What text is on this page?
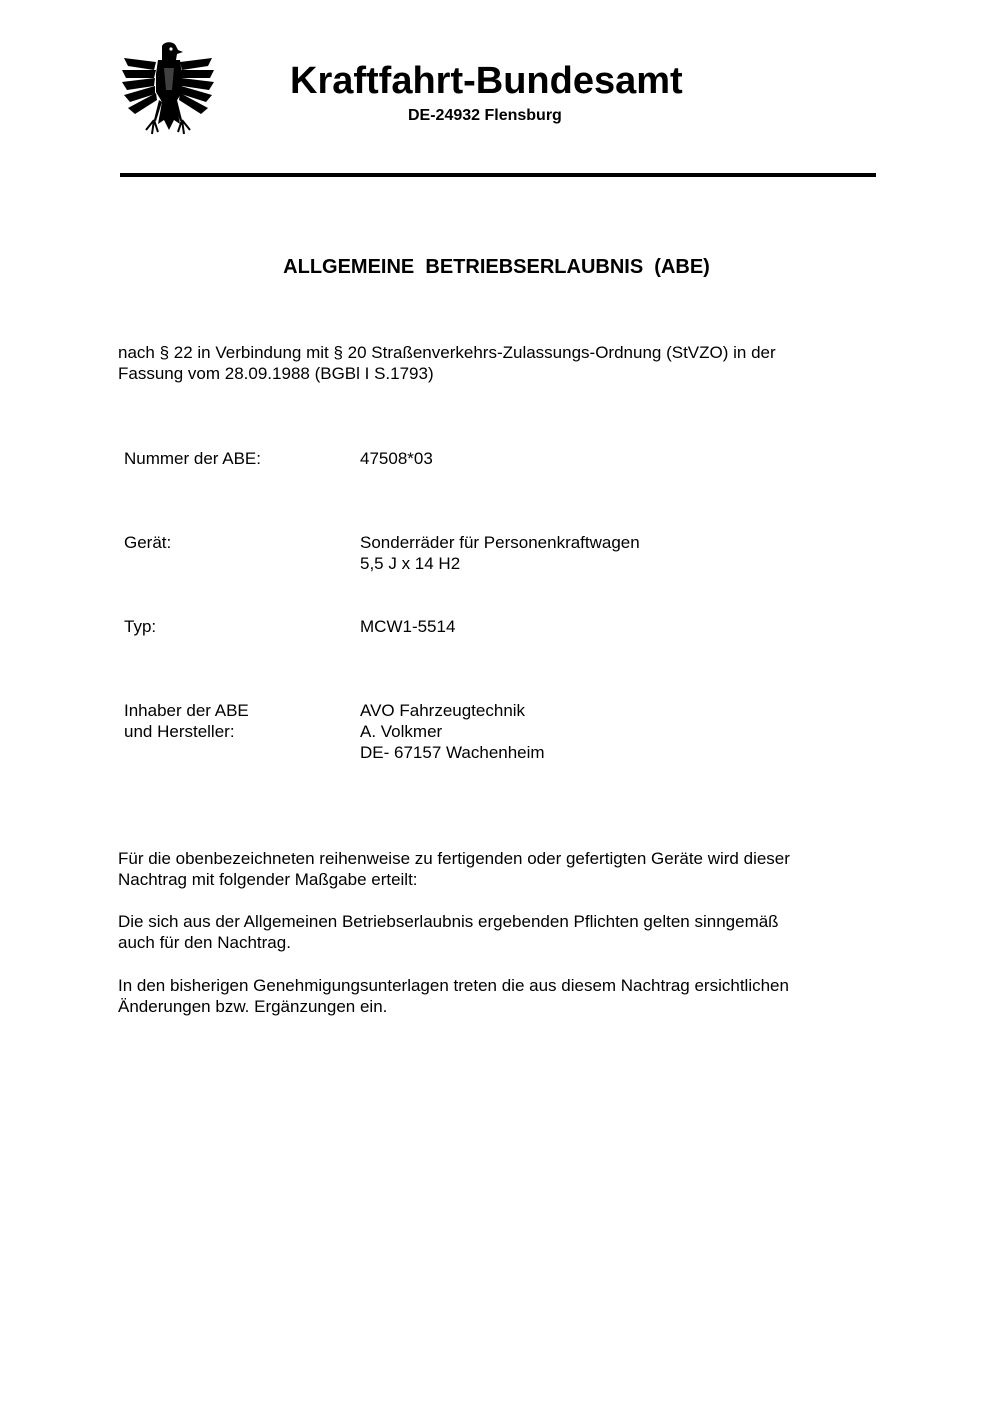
Kraftfahrt-Bundesamt
DE-24932 Flensburg
ALLGEMEINE  BETRIEBSERLAUBNIS  (ABE)
nach § 22 in Verbindung mit § 20 Straßenverkehrs-Zulassungs-Ordnung (StVZO) in der
Fassung vom 28.09.1988 (BGBl I S.1793)
Nummer der ABE:	47508*03
Gerät:	Sonderräder für Personenkraftwagen
5,5 J x 14 H2
Typ:	MCW1-5514
Inhaber der ABE
und Hersteller:
AVO Fahrzeugtechnik
A. Volkmer
DE- 67157 Wachenheim
Für die obenbezeichneten reihenweise zu fertigenden oder gefertigten Geräte wird dieser
Nachtrag mit folgender Maßgabe erteilt:
Die sich aus der Allgemeinen Betriebserlaubnis ergebenden Pflichten gelten sinngemäß
auch für den Nachtrag.
In den bisherigen Genehmigungsunterlagen treten die aus diesem Nachtrag ersichtlichen
Änderungen bzw. Ergänzungen ein.
